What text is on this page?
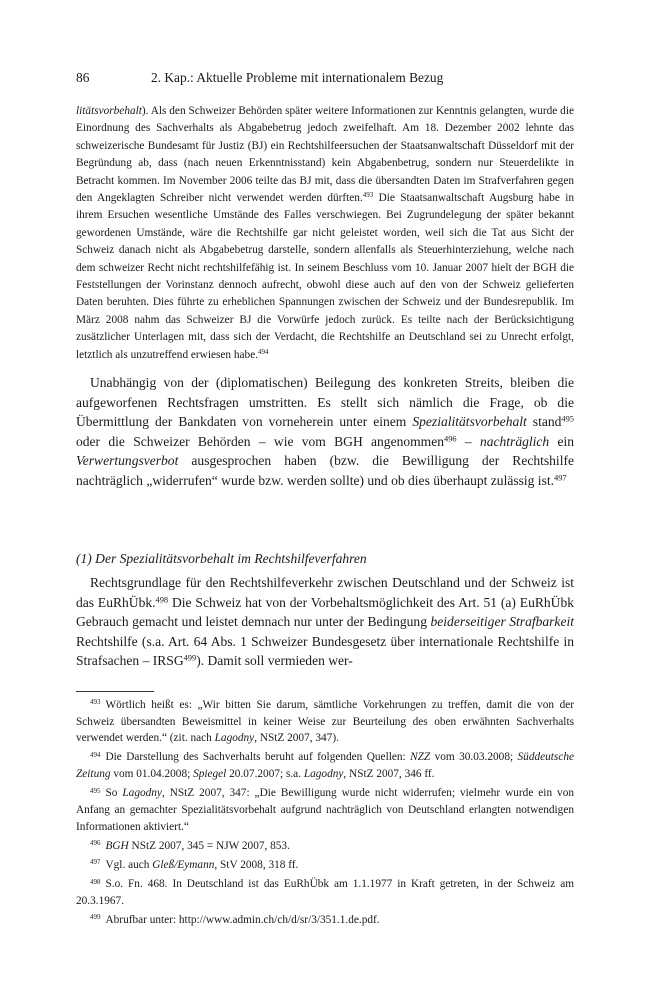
86	2. Kap.: Aktuelle Probleme mit internationalem Bezug
litätsvorbehalt). Als den Schweizer Behörden später weitere Informationen zur Kenntnis gelangten, wurde die Einordnung des Sachverhalts als Abgabebetrug jedoch zweifelhaft. Am 18. Dezember 2002 lehnte das schweizerische Bundesamt für Justiz (BJ) ein Rechtshilfeersuchen der Staatsanwaltschaft Düsseldorf mit der Begründung ab, dass (nach neuen Erkenntnisstand) kein Abgabenbetrug, sondern nur Steuerdelikte in Betracht kommen. Im November 2006 teilte das BJ mit, dass die übersandten Daten im Strafverfahren gegen den Angeklagten Schreiber nicht verwendet werden dürften.$^{493}$ Die Staatsanwaltschaft Augsburg habe in ihrem Ersuchen wesentliche Umstände des Falles verschwiegen. Bei Zugrundelegung der später bekannt gewordenen Umstände, wäre die Rechtshilfe gar nicht geleistet worden, weil sich die Tat aus Sicht der Schweiz danach nicht als Abgabebetrug darstelle, sondern allenfalls als Steuerhinterziehung, welche nach dem schweizer Recht nicht rechtshilfefähig ist. In seinem Beschluss vom 10. Januar 2007 hielt der BGH die Feststellungen der Vorinstanz dennoch aufrecht, obwohl diese auch auf den von der Schweiz gelieferten Daten beruhten. Dies führte zu erheblichen Spannungen zwischen der Schweiz und der Bundesrepublik. Im März 2008 nahm das Schweizer BJ die Vorwürfe jedoch zurück. Es teilte nach der Berücksichtigung zusätzlicher Unterlagen mit, dass sich der Verdacht, die Rechtshilfe an Deutschland sei zu Unrecht erfolgt, letztlich als unzutreffend erwiesen habe.$^{494}$
Unabhängig von der (diplomatischen) Beilegung des konkreten Streits, bleiben die aufgeworfenen Rechtsfragen umstritten. Es stellt sich nämlich die Frage, ob die Übermittlung der Bankdaten von vorneherein unter einem Spezialitätsvorbehalt stand$^{495}$ oder die Schweizer Behörden – wie vom BGH angenommen$^{496}$ – nachträglich ein Verwertungsverbot ausgesprochen haben (bzw. die Bewilligung der Rechtshilfe nachträglich „widerrufen“ wurde bzw. werden sollte) und ob dies überhaupt zulässig ist.$^{497}$
(1) Der Spezialitätsvorbehalt im Rechtshilfeverfahren
Rechtsgrundlage für den Rechtshilfeverkehr zwischen Deutschland und der Schweiz ist das EuRhÜbk.$^{498}$ Die Schweiz hat von der Vorbehaltsmöglichkeit des Art. 51 (a) EuRhÜbk Gebrauch gemacht und leistet demnach nur unter der Bedingung beiderseitiger Strafbarkeit Rechtshilfe (s.a. Art. 64 Abs. 1 Schweizer Bundesgesetz über internationale Rechtshilfe in Strafsachen – IRSG$^{499}$). Damit soll vermieden wer-

$^{493}$ Wörtlich heißt es: „Wir bitten Sie darum, sämtliche Vorkehrungen zu treffen, damit die von der Schweiz übersandten Beweismittel in keiner Weise zur Beurteilung des oben erwähnten Sachverhalts verwendet werden.“ (zit. nach Lagodny, NStZ 2007, 347).

$^{494}$ Die Darstellung des Sachverhalts beruht auf folgenden Quellen: NZZ vom 30.03.2008; Süddeutsche Zeitung vom 01.04.2008; Spiegel 20.07.2007; s.a. Lagodny, NStZ 2007, 346 ff.

$^{495}$ So Lagodny, NStZ 2007, 347: „Die Bewilligung wurde nicht widerrufen; vielmehr wurde ein von Anfang an gemachter Spezialitätsvorbehalt aufgrund nachträglich von Deutschland erlangten notwendigen Informationen aktiviert.“

$^{496}$ BGH NStZ 2007, 345 = NJW 2007, 853.

$^{497}$ Vgl. auch Gleß/Eymann, StV 2008, 318 ff.

$^{498}$ S.o. Fn. 468. In Deutschland ist das EuRhÜbk am 1.1.1977 in Kraft getreten, in der Schweiz am 20.3.1967.

$^{499}$ Abrufbar unter: http://www.admin.ch/ch/d/sr/3/351.1.de.pdf.
